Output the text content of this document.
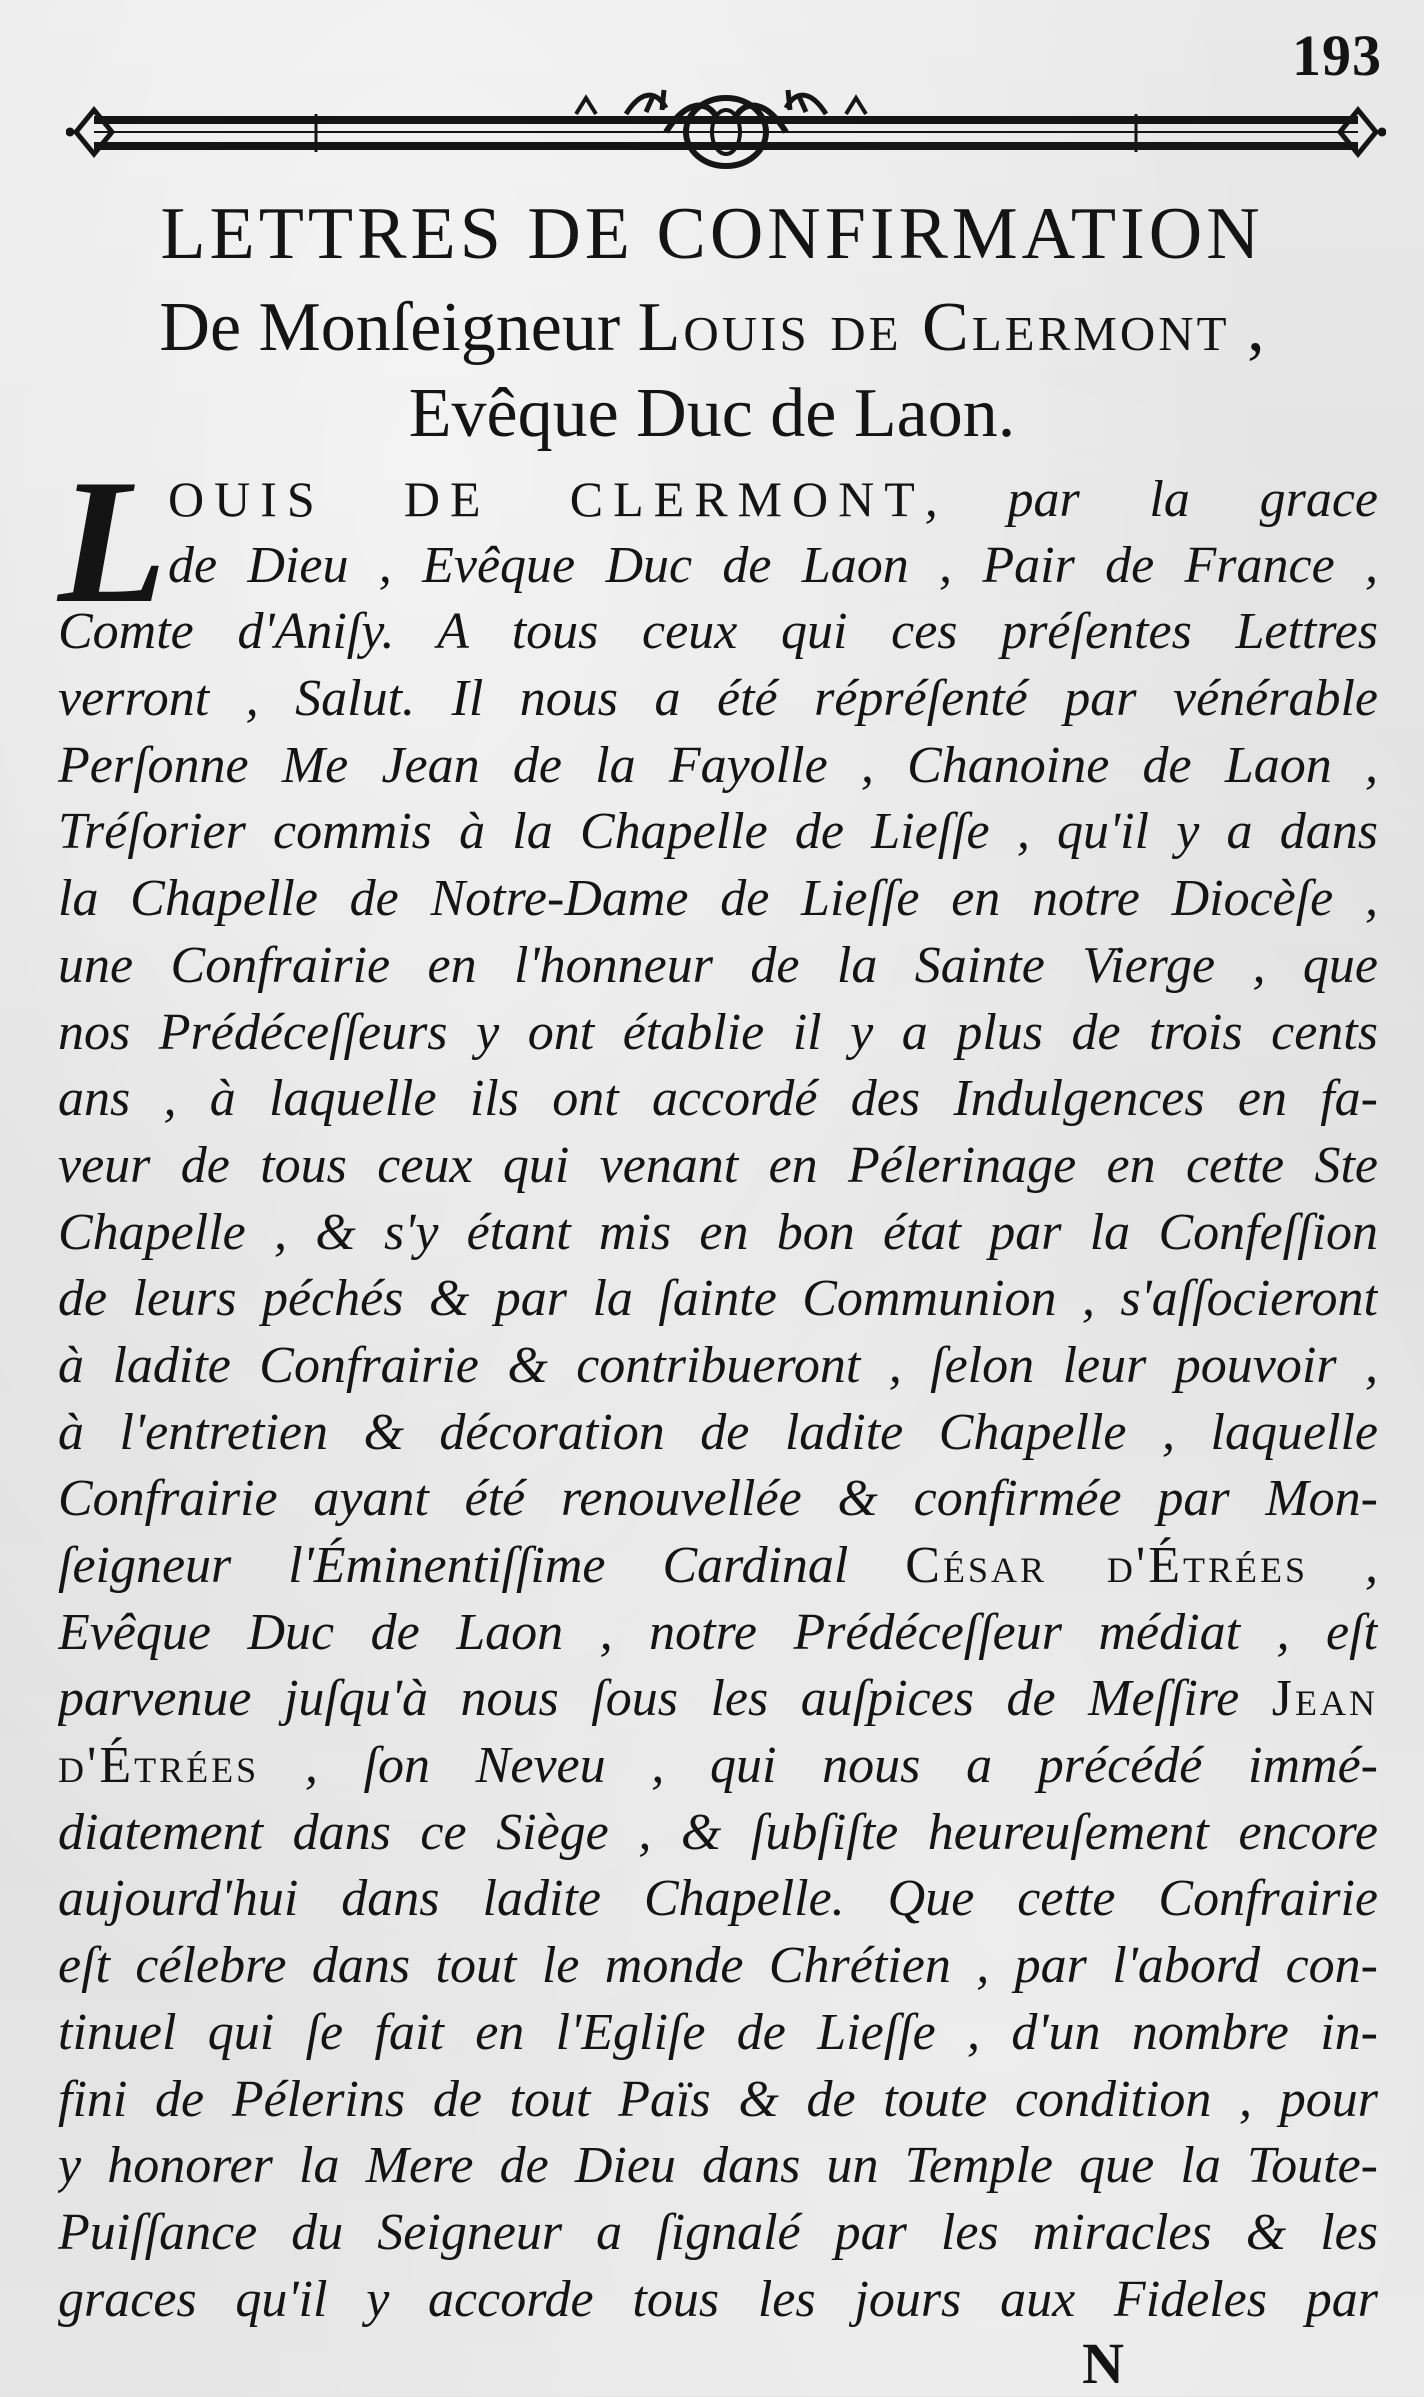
193
LETTRES DE CONFIRMATION

De Monſeigneur Louis de Clermont ,

Evêque Duc de Laon.

L OUIS DE CLERMONT, par la grace
de Dieu , Evêque Duc de Laon , Pair de France ,
Comte d'Aniſy. A tous ceux qui ces préſentes Lettres
verront , Salut. Il nous a été répréſenté par vénérable
Perſonne Me Jean de la Fayolle , Chanoine de Laon ,
Tréſorier commis à la Chapelle de Lieſſe , qu'il y a dans
la Chapelle de Notre-Dame de Lieſſe en notre Diocèſe ,
une Confrairie en l'honneur de la Sainte Vierge , que
nos Prédéceſſeurs y ont établie il y a plus de trois cents
ans , à laquelle ils ont accordé des Indulgences en fa-
veur de tous ceux qui venant en Pélerinage en cette Ste
Chapelle , & s'y étant mis en bon état par la Confeſſion
de leurs péchés & par la ſainte Communion , s'aſſocieront
à ladite Confrairie & contribueront , ſelon leur pouvoir ,
à l'entretien & décoration de ladite Chapelle , laquelle
Confrairie ayant été renouvellée & confirmée par Mon-
ſeigneur l'Éminentiſſime Cardinal César d'Étrées ,
Evêque Duc de Laon , notre Prédéceſſeur médiat , eſt
parvenue juſqu'à nous ſous les auſpices de Meſſire Jean
d'Étrées , ſon Neveu , qui nous a précédé immé-
diatement dans ce Siège , & ſubſiſte heureuſement encore
aujourd'hui dans ladite Chapelle. Que cette Confrairie
eſt célebre dans tout le monde Chrétien , par l'abord con-
tinuel qui ſe fait en l'Egliſe de Lieſſe , d'un nombre in-
fini de Pélerins de tout Païs & de toute condition , pour
y honorer la Mere de Dieu dans un Temple que la Toute-
Puiſſance du Seigneur a ſignalé par les miracles & les
graces qu'il y accorde tous les jours aux Fideles par
N
